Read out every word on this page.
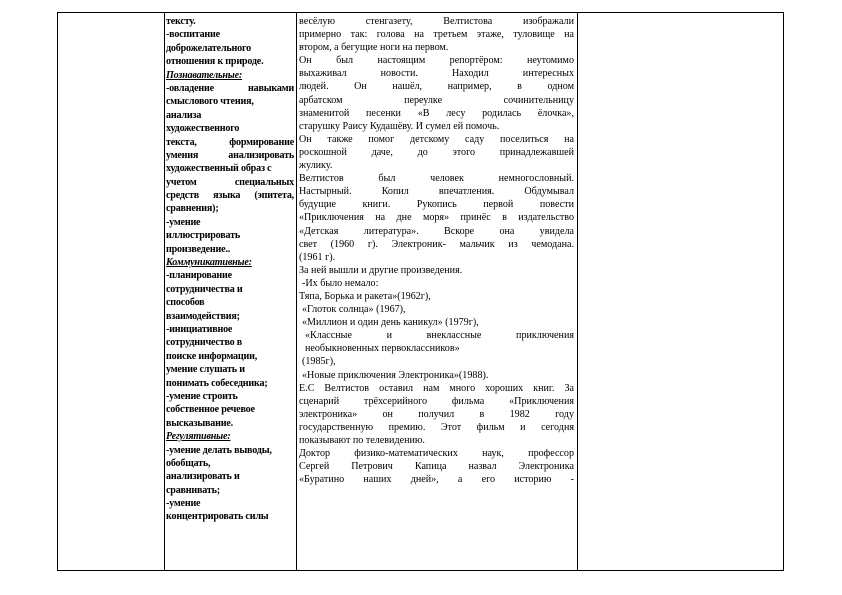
тексту.
-воспитание
доброжелательного
отношения к природе.
Познавательные:
-овладение навыками
смыслового чтения,
анализа
художественного
текста, формирование
умения анализировать
художественный образ с
учетом специальных
средств языка (эпитета,
сравнения);
-умение
иллюстрировать
произведение..
Коммуникативные:
-планирование
сотрудничества и
способов
взаимодействия;
-инициативное
сотрудничество в
поиске информации,
умение слушать и
понимать собеседника;
-умение строить
собственное речевое
высказывание.
Регулятивные:
-умение делать выводы,
обобщать,
анализировать и
сравнивать;
-умение
концентрировать силы
весёлую стенгазету, Велтистова изображали
примерно так: голова на третьем этаже, туловище на
втором, а бегущие ноги на первом.
Он был настоящим репортёром: неутомимо
выхаживал новости. Находил интересных
людей. Он нашёл, например, в одном
арбатском переулке сочинительницу
знаменитой песенки «В лесу родилась ёлочка»,
старушку Раису Кудашёву. И сумел ей помочь.
Он также помог детскому саду поселиться на
роскошной даче, до этого принадлежавшей
жулику.
Велтистов был человек немногословный.
Настырный. Копил впечатления. Обдумывал
будущие книги. Рукопись первой повести
«Приключения на дне моря» принёс в издательство
«Детская литература». Вскоре она увидела
свет (1960 г). Электроник- мальчик из чемодана.
(1961 г).
За ней вышли и другие произведения.
-Их было немало:
Тяпа, Борька и ракета»(1962г),
«Глоток солнца» (1967),
«Миллион и один день каникул» (1979г),
«Классные и внеклассные приключения
необыкновенных первоклассников»
(1985г),
«Новые приключения Электроника»(1988).
Е.С Велтистов оставил нам много хороших книг. За
сценарий трёхсерийного фильма «Приключения
электроника» он получил в 1982 году
государственную премию. Этот фильм и сегодня
показывают по телевидению.
Доктор физико-математических наук, профессор
Сергей Петрович Капица назвал Электроника
«Буратино наших дней», а его историю -
